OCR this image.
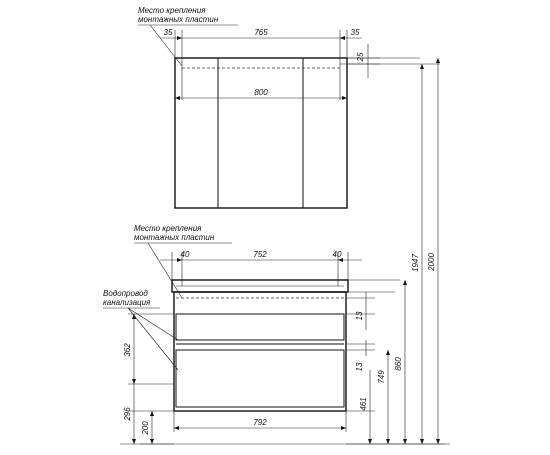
35	765	35
25
800
Место крепления
монтажных пластин
40	752	40
792
Место крепления
монтажных пластин
Водопровод
канализация
13
13
461
749
860
1947 2000
362
296
200
